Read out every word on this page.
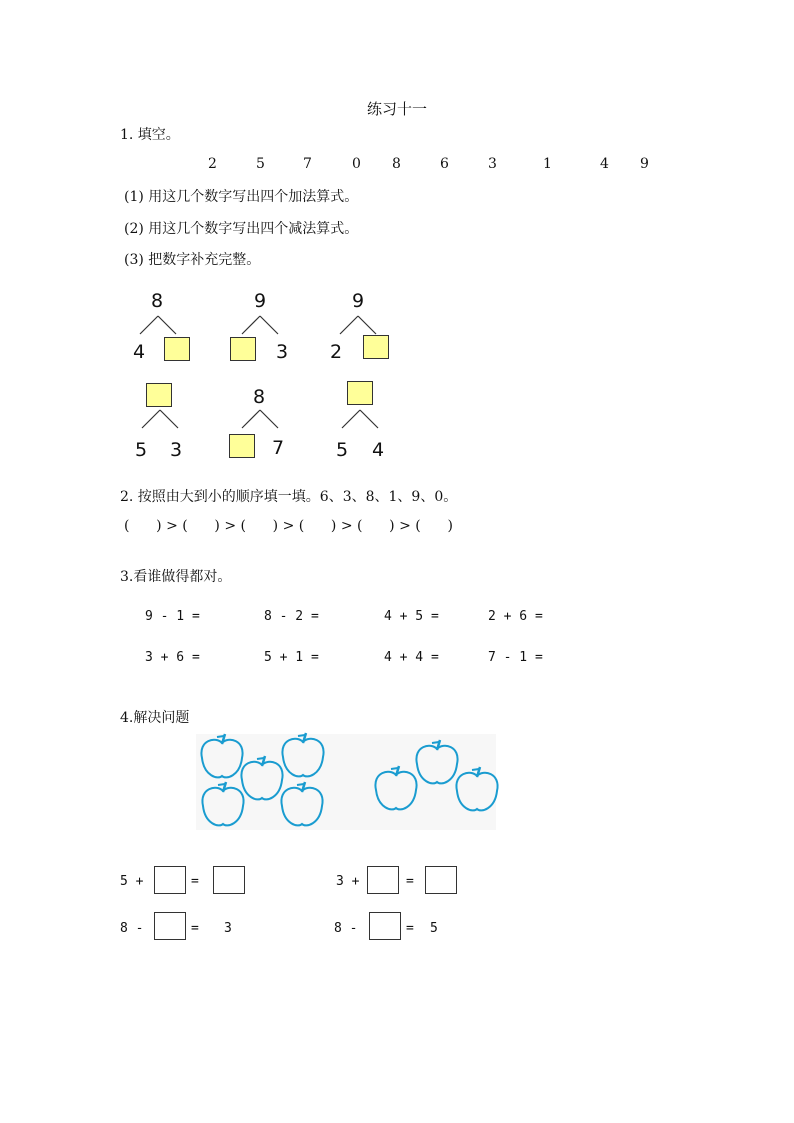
练习十一
1. 填空。
2	5	7	0 8	6	3	1	4 9
(1) 用这几个数字写出四个加法算式。
(2) 用这几个数字写出四个减法算式。
(3) 把数字补充完整。
8
4
9
3
9
2
5 3
8
7	5 4
2. 按照由大到小的顺序填一填。6、3、8、1、9、0。
(      ) > (      ) > (      ) > (      ) > (      ) > (      )
3.看谁做得都对。
9 - 1 =	8 - 2 =	4 + 5 =	2 + 6 =
3 + 6 =	5 + 1 =	4 + 4 =	7 - 1 =
4.解决问题
5 +	=	3 +	=
8 -	= 3	8 -	= 5
